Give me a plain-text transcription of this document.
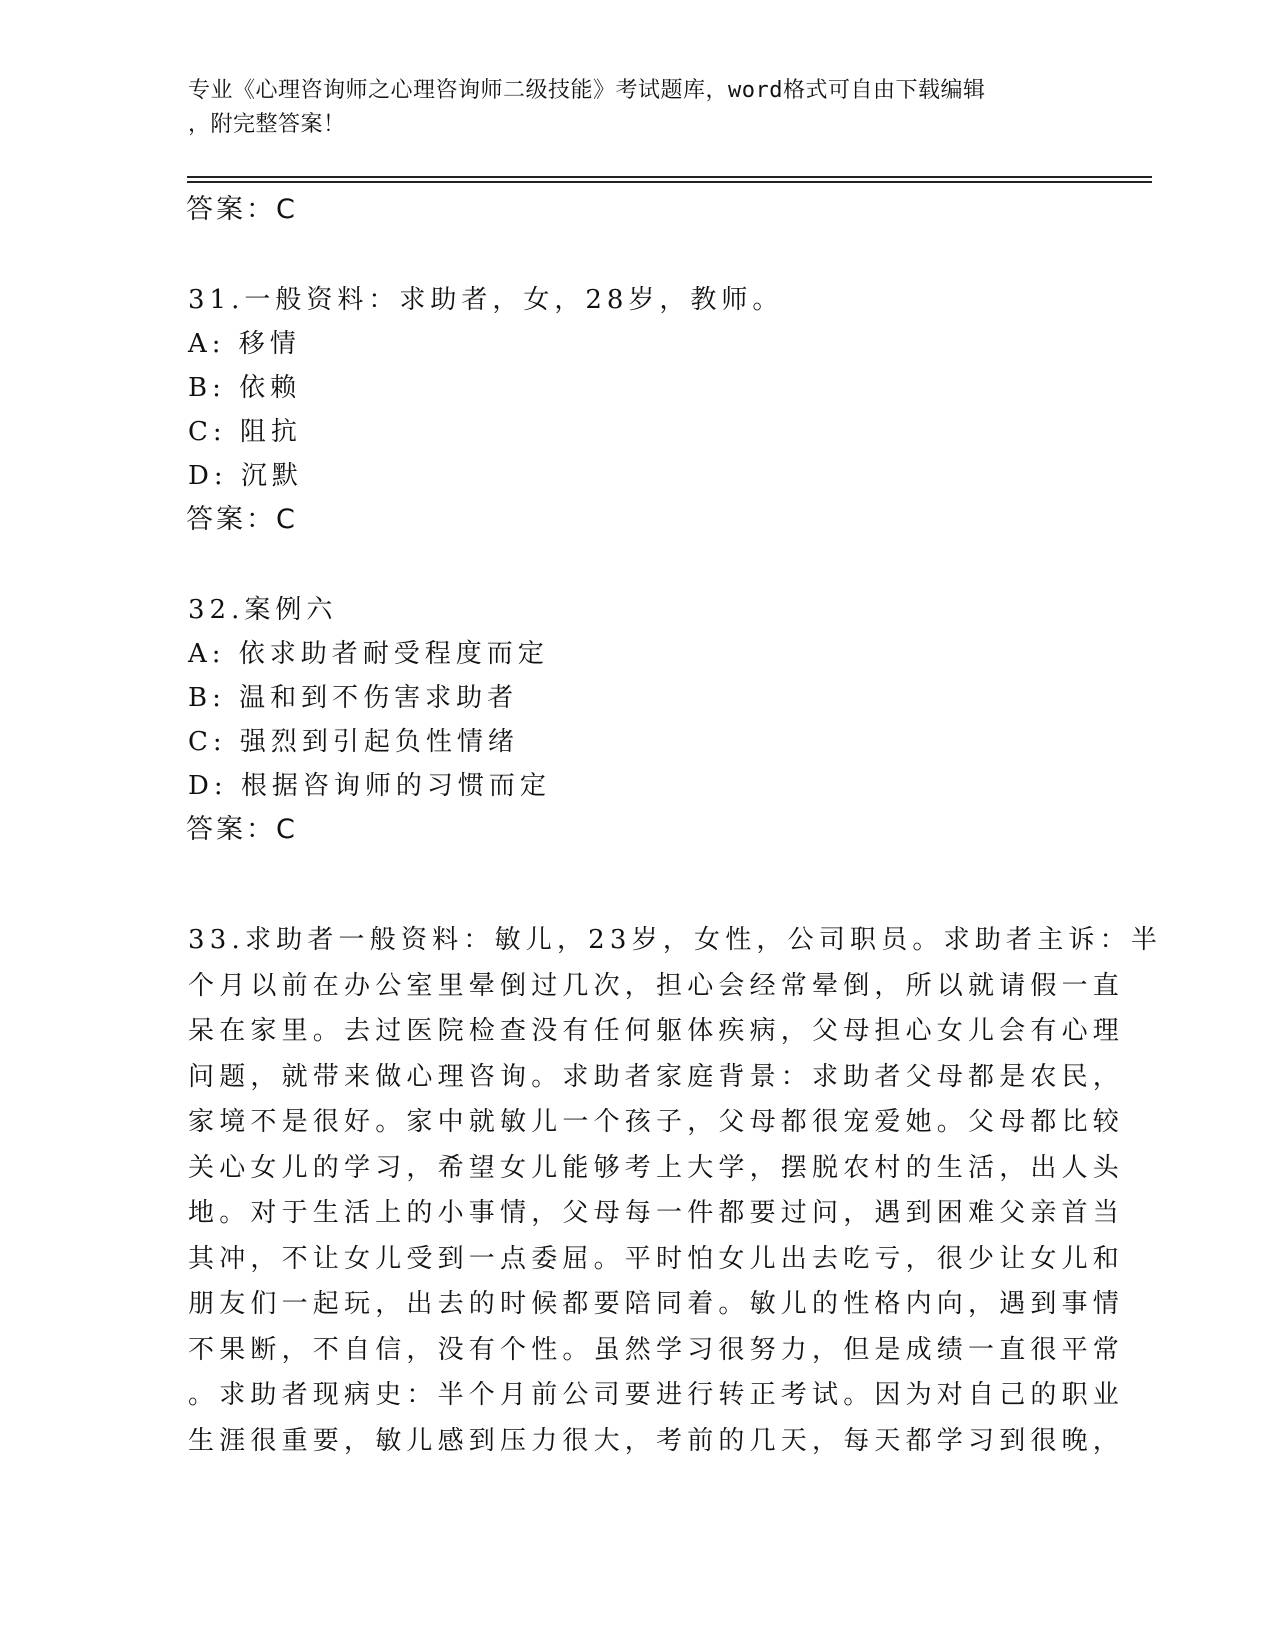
专业《心理咨询师之心理咨询师二级技能》考试题库，word格式可自由下载编辑
，附完整答案！
答案：C
31.一般资料：求助者，女，28岁，教师。
A: 移情
B: 依赖
C: 阻抗
D: 沉默
答案：C
32.案例六
A: 依求助者耐受程度而定
B: 温和到不伤害求助者
C: 强烈到引起负性情绪
D: 根据咨询师的习惯而定
答案：C
33.求助者一般资料：敏儿，23岁，女性，公司职员。求助者主诉：半
个月以前在办公室里晕倒过几次，担心会经常晕倒，所以就请假一直
呆在家里。去过医院检查没有任何躯体疾病，父母担心女儿会有心理
问题，就带来做心理咨询。求助者家庭背景：求助者父母都是农民，
家境不是很好。家中就敏儿一个孩子，父母都很宠爱她。父母都比较
关心女儿的学习，希望女儿能够考上大学，摆脱农村的生活，出人头
地。对于生活上的小事情，父母每一件都要过问，遇到困难父亲首当
其冲，不让女儿受到一点委屈。平时怕女儿出去吃亏，很少让女儿和
朋友们一起玩，出去的时候都要陪同着。敏儿的性格内向，遇到事情
不果断，不自信，没有个性。虽然学习很努力，但是成绩一直很平常
。求助者现病史：半个月前公司要进行转正考试。因为对自己的职业
生涯很重要，敏儿感到压力很大，考前的几天，每天都学习到很晚，
